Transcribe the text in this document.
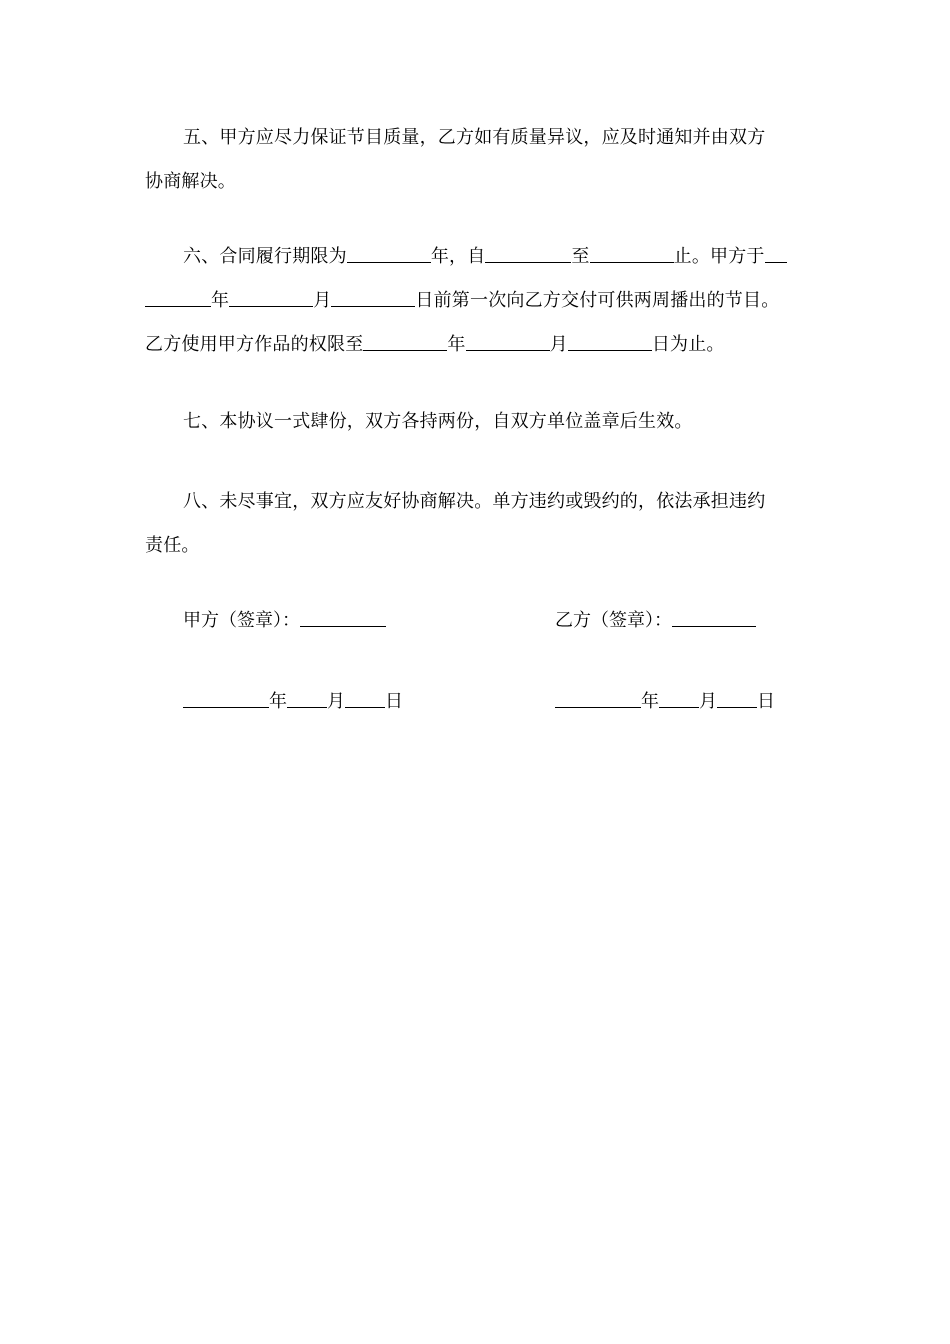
五、甲方应尽力保证节目质量，乙方如有质量异议，应及时通知并由双方
协商解决。
六、合同履行期限为	年，自	至	止。甲方于
年	月	日前第一次向乙方交付可供两周播出的节目。
乙方使用甲方作品的权限至	年	月	日为止。
七、本协议一式肆份，双方各持两份，自双方单位盖章后生效。
八、未尽事宜，双方应友好协商解决。单方违约或毁约的，依法承担违约
责任。
甲方（签章）：	乙方（签章）：
年 月 日	年 月 日
